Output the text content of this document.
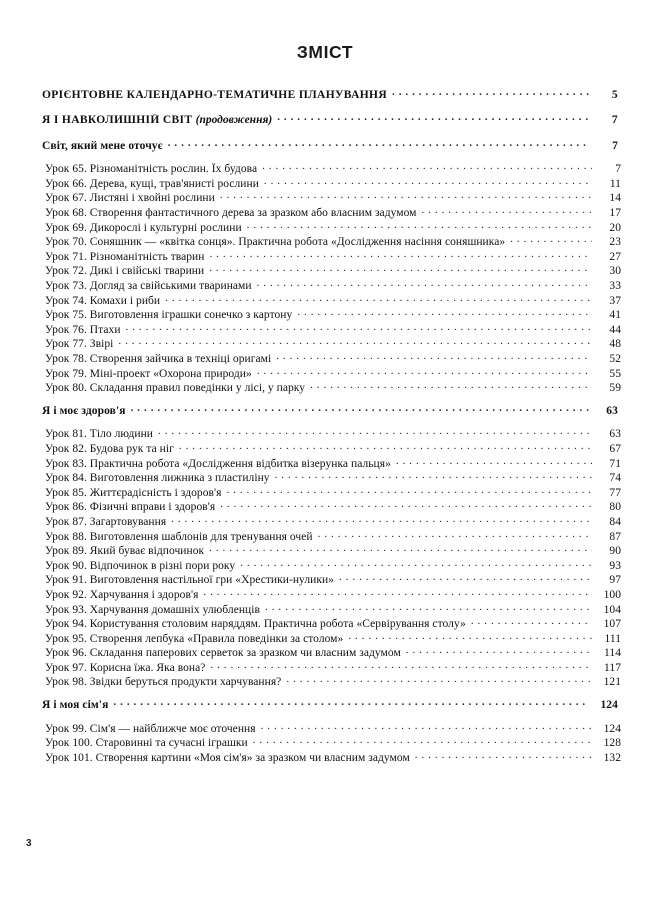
ЗМІСТ
ОРІЄНТОВНЕ КАЛЕНДАРНО-ТЕМАТИЧНЕ ПЛАНУВАННЯ . . .	5
Я І НАВКОЛИШНІЙ СВІТ (продовження) . . .	7
Світ, який мене оточує . . .	7
Урок 65. Різноманітність рослин. Їх будова . . .	7
Урок 66. Дерева, кущі, трав'янисті рослини . . .	11
Урок 67. Листяні і хвойні рослини . . .	14
Урок 68. Створення фантастичного дерева за зразком або власним задумом . . .	17
Урок 69. Дикорослі і культурні рослини . . .	20
Урок 70. Соняшник — «квітка сонця». Практична робота «Дослідження насіння соняшника» . . .	23
Урок 71. Різноманітність тварин . . .	27
Урок 72. Дикі і свійські тварини . . .	30
Урок 73. Догляд за свійськими тваринами . . .	33
Урок 74. Комахи і риби . . .	37
Урок 75. Виготовлення іграшки сонечко з картону . . .	41
Урок 76. Птахи . . .	44
Урок 77. Звірі . . .	48
Урок 78. Створення зайчика в техніці оригамі . . .	52
Урок 79. Міні-проект «Охорона природи» . . .	55
Урок 80. Складання правил поведінки у лісі, у парку . . .	59
Я і моє здоров'я . . .	63
Урок 81. Тіло людини . . .	63
Урок 82. Будова рук та ніг . . .	67
Урок 83. Практична робота «Дослідження відбитка візерунка пальця» . . .	71
Урок 84. Виготовлення лижника з пластиліну . . .	74
Урок 85. Життєрадісність і здоров'я . . .	77
Урок 86. Фізичні вправи і здоров'я . . .	80
Урок 87. Загартовування . . .	84
Урок 88. Виготовлення шаблонів для тренування очей . . .	87
Урок 89. Який буває відпочинок . . .	90
Урок 90. Відпочинок в різні пори року . . .	93
Урок 91. Виготовлення настільної гри «Хрестики-нулики» . . .	97
Урок 92. Харчування і здоров'я . . .	100
Урок 93. Харчування домашніх улюбленців . . .	104
Урок 94. Користування столовим наряддям. Практична робота «Сервірування столу» . . .	107
Урок 95. Створення лепбука «Правила поведінки за столом» . . .	111
Урок 96. Складання паперових серветок за зразком чи власним задумом . . .	114
Урок 97. Корисна їжа. Яка вона? . . .	117
Урок 98. Звідки беруться продукти харчування? . . .	121
Я і моя сім'я . . .	124
Урок 99. Сім'я — найближче моє оточення . . .	124
Урок 100. Старовинні та сучасні іграшки . . .	128
Урок 101. Створення картини «Моя сім'я» за зразком чи власним задумом . . .	132
3
